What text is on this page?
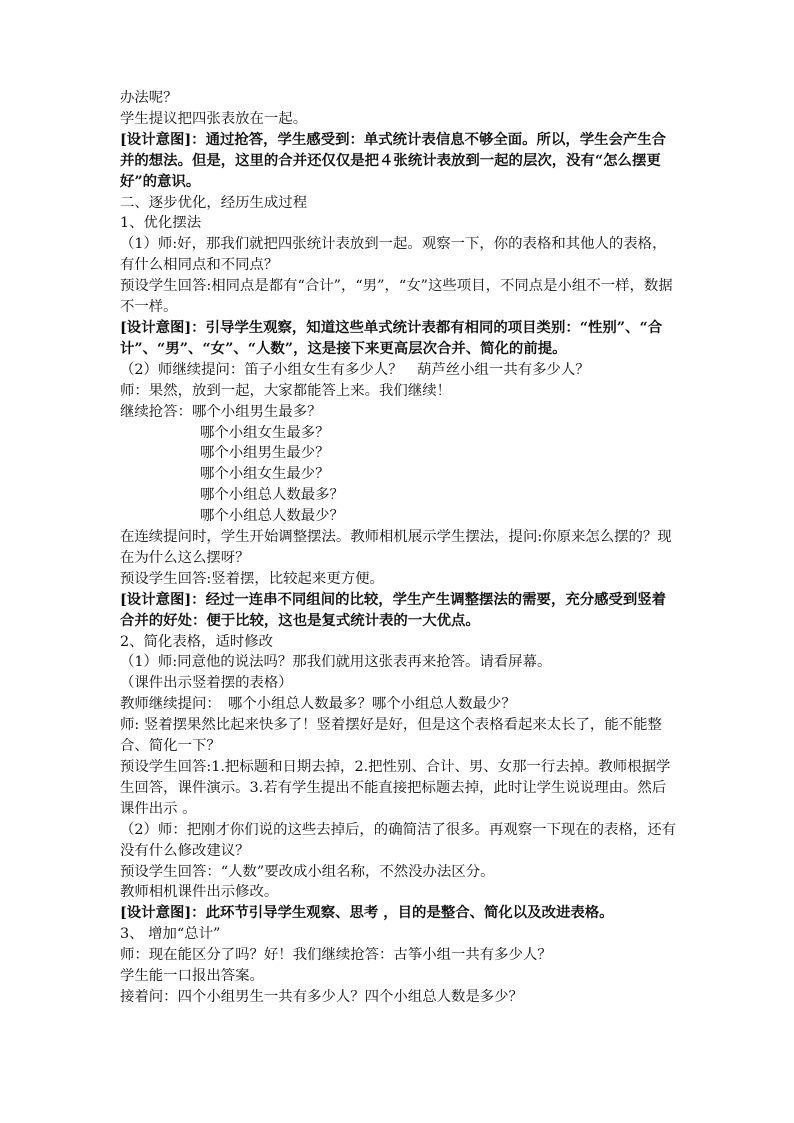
办法呢？

学生提议把四张表放在一起。

[设计意图]：通过抢答，学生感受到：单式统计表信息不够全面。所以，学生会产生合并的想法。但是，这里的合并还仅仅是把４张统计表放到一起的层次，没有“怎么摆更好”的意识。

二、逐步优化，经历生成过程

1、优化摆法

（1）师:好，那我们就把四张统计表放到一起。观察一下，你的表格和其他人的表格，有什么相同点和不同点？

预设学生回答:相同点是都有“合计”，“男”，“女”这些项目，不同点是小组不一样，数据不一样。

[设计意图]：引导学生观察，知道这些单式统计表都有相同的项目类别：“性别”、“合计”、“男”、“女”、“人数”，这是接下来更高层次合并、简化的前提。

（2）师继续提问：笛子小组女生有多少人？　葫芦丝小组一共有多少人？

师：果然，放到一起，大家都能答上来。我们继续！

继续抢答：哪个小组男生最多？

哪个小组女生最多？

哪个小组男生最少？

哪个小组女生最少？

哪个小组总人数最多？

哪个小组总人数最少？

在连续提问时，学生开始调整摆法。教师相机展示学生摆法，提问:你原来怎么摆的？现在为什么这么摆呀？

预设学生回答:竖着摆，比较起来更方便。

[设计意图]：经过一连串不同组间的比较，学生产生调整摆法的需要，充分感受到竖着合并的好处：便于比较，这也是复式统计表的一大优点。

2、简化表格，适时修改

（1）师:同意他的说法吗？那我们就用这张表再来抢答。请看屏幕。

（课件出示竖着摆的表格）

教师继续提问：　哪个小组总人数最多？哪个小组总人数最少？

师: 竖着摆果然比起来快多了！竖着摆好是好，但是这个表格看起来太长了，能不能整合、简化一下？

预设学生回答:1.把标题和日期去掉，2.把性别、合计、男、女那一行去掉。教师根据学生回答，课件演示。3.若有学生提出不能直接把标题去掉，此时让学生说说理由。然后课件出示 。

（2）师：把刚才你们说的这些去掉后，的确简洁了很多。再观察一下现在的表格，还有没有什么修改建议？

预设学生回答：“人数”要改成小组名称，不然没办法区分。

教师相机课件出示修改。

[设计意图]：此环节引导学生观察、思考 ，目的是整合、简化以及改进表格。

3、 增加“总计”

师：现在能区分了吗？好！我们继续抢答：古筝小组一共有多少人？

学生能一口报出答案。

接着问：四个小组男生一共有多少人？四个小组总人数是多少？
